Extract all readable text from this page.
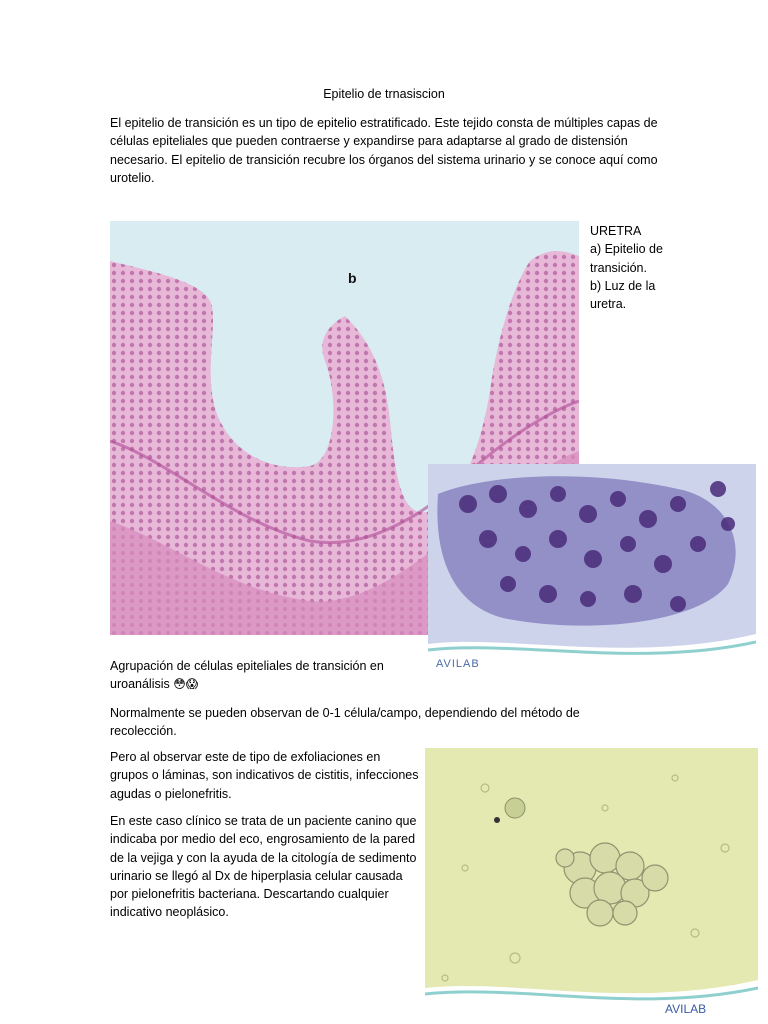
Epitelio de trnasiscion

El epitelio de transición es un tipo de epitelio estratificado. Este tejido consta de múltiples capas de células epiteliales que pueden contraerse y expandirse para adaptarse al grado de distensión necesario. El epitelio de transición recubre los órganos del sistema urinario y se conoce aquí como urotelio.

b
URETRA
a) Epitelio de transición.
b) Luz de la uretra.
AVILAB
Agrupación de células epiteliales de transición en uroanálisis 😳😱

Normalmente se pueden observan de 0-1 célula/campo, dependiendo del método de recolección.

Pero al observar este de tipo de exfoliaciones en grupos o láminas, son indicativos de cistitis, infecciones agudas o pielonefritis.

En este caso clínico se trata de un paciente canino que indicaba por medio del eco, engrosamiento de la pared de la vejiga y con la ayuda de la citología de sedimento urinario se llegó al Dx de hiperplasia celular causada por pielonefritis bacteriana. Descartando cualquier indicativo neoplásico.

AVILAB
